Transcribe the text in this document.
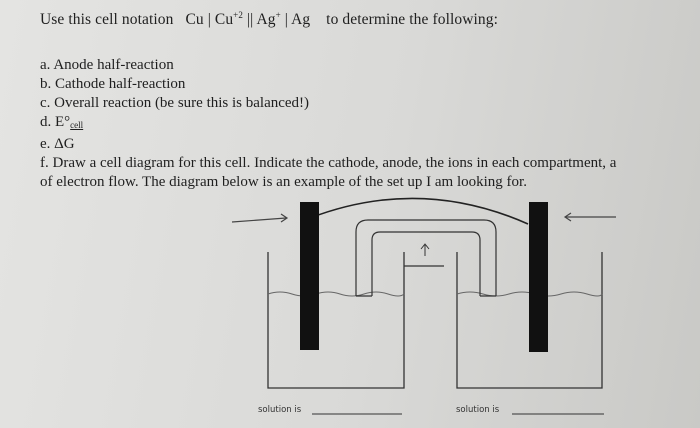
Use this cell notation Cu | $Cu^{+2}$ || Ag+ | Ag to determine the following:
a. Anode half-reaction
b. Cathode half-reaction
c. Overall reaction (be sure this is balanced!)
d. $E^\circ_{cell}$
e. ΔG
f. Draw a cell diagram for this cell. Indicate the cathode, anode, the ions in each compartment, a
of electron flow. The diagram below is an example of the set up I am looking for.
solution is	solution is
